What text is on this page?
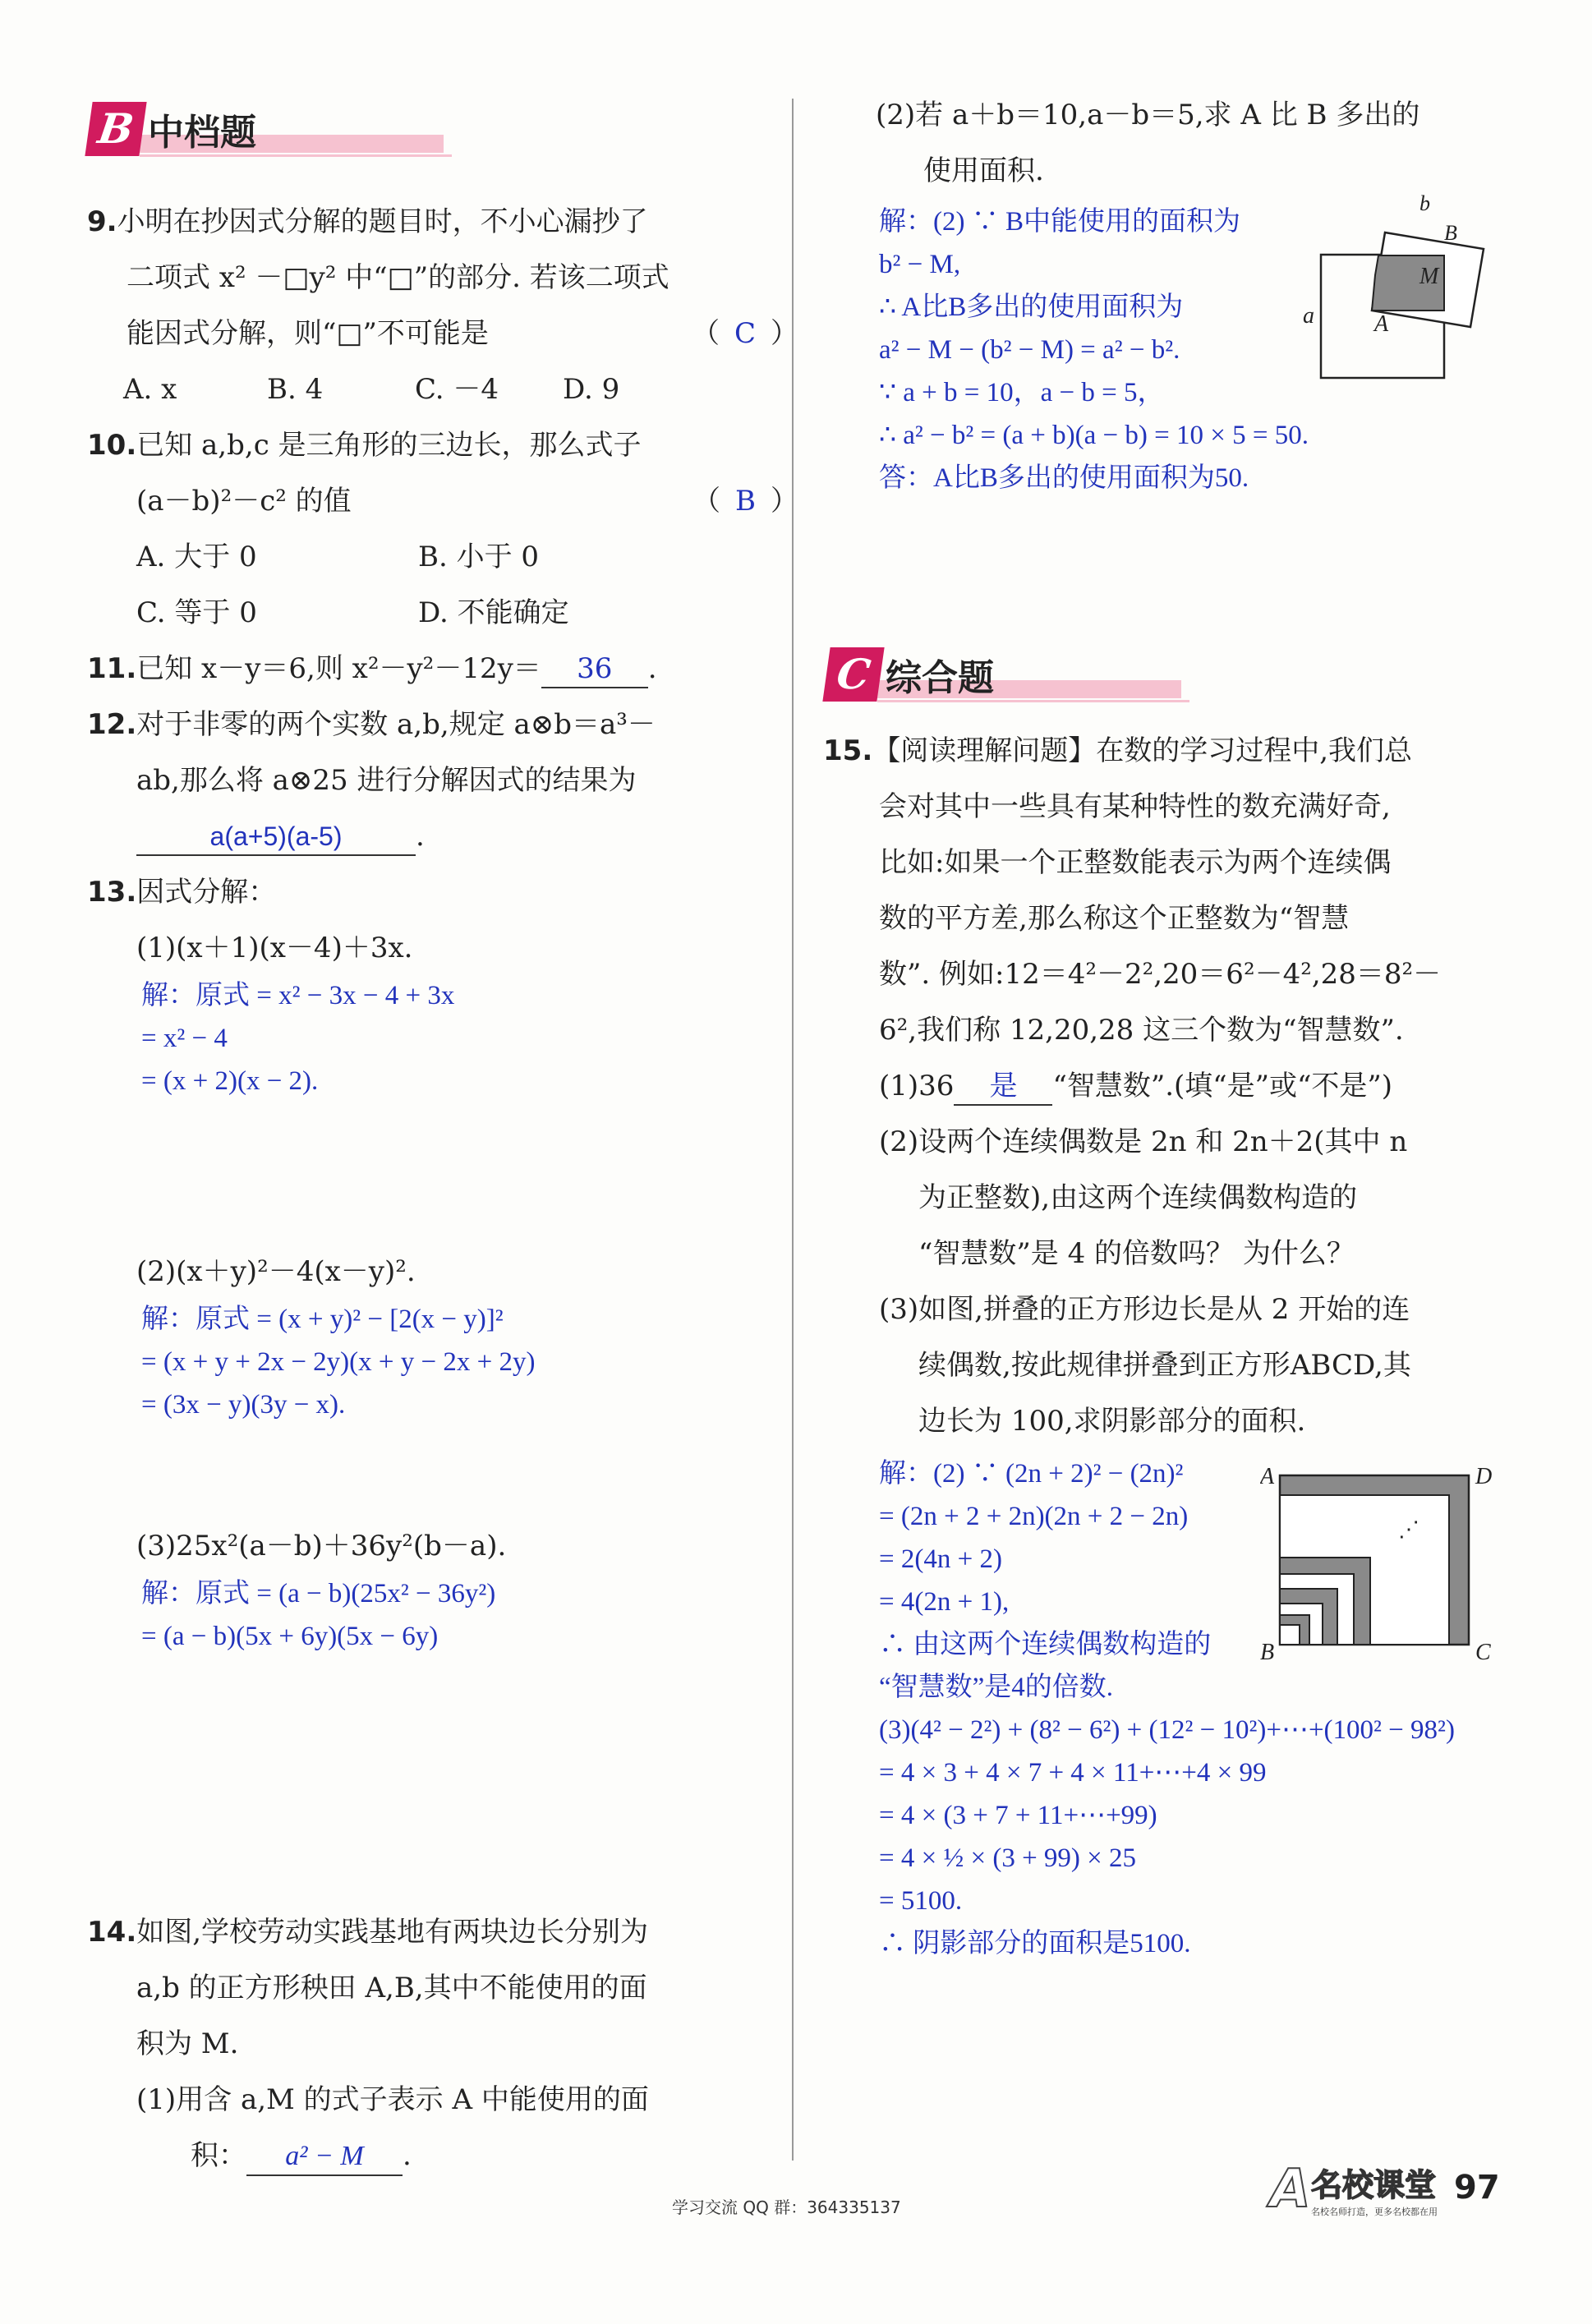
B 中档题
9.小明在抄因式分解的题目时，不小心漏抄了
二项式 x² －□y² 中“□”的部分. 若该二项式
能因式分解，则“□”不可能是	（ C ）
A. x	B. 4	C. －4 D. 9
10.已知 a,b,c 是三角形的三边长，那么式子
(a－b)²－c² 的值	（ B ）
A. 大于 0	B. 小于 0
C. 等于 0	D. 不能确定
11.已知 x－y＝6,则 x²－y²－12y＝ 36 .
12.对于非零的两个实数 a,b,规定 a⊗b＝a³－
ab,那么将 a⊗25 进行分解因式的结果为
a(a+5)(a-5)	.
13.因式分解：
(1)(x＋1)(x－4)＋3x.
解：原式 = x² − 3x − 4 + 3x
= x² − 4
= (x + 2)(x − 2).
(2)(x＋y)²－4(x－y)².
解：原式 = (x + y)² − [2(x − y)]²
= (x + y + 2x − 2y)(x + y − 2x + 2y)
= (3x − y)(3y − x).
(3)25x²(a－b)＋36y²(b－a).
解：原式 = (a − b)(25x² − 36y²)
= (a − b)(5x + 6y)(5x − 6y)
14.如图,学校劳动实践基地有两块边长分别为
a,b 的正方形秧田 A,B,其中不能使用的面
积为 M.
(1)用含 a,M 的式子表示 A 中能使用的面
积： a² − M .
(2)若 a＋b＝10,a－b＝5,求 A 比 B 多出的
使用面积.
解：(2) ∵ B中能使用的面积为
b² − M,
∴ A比B多出的使用面积为
a² − M − (b² − M) = a² − b².
∵ a + b = 10，a − b = 5，
∴ a² − b² = (a + b)(a − b) = 10 × 5 = 50.
答：A比B多出的使用面积为50.
a	A
b
B
M
C 综合题
15.【阅读理解问题】在数的学习过程中,我们总
会对其中一些具有某种特性的数充满好奇,
比如:如果一个正整数能表示为两个连续偶
数的平方差,那么称这个正整数为“智慧
数”. 例如:12＝4²－2²,20＝6²－4²,28＝8²－
6²,我们称 12,20,28 这三个数为“智慧数”.
(1)36 是 “智慧数”.(填“是”或“不是”)
(2)设两个连续偶数是 2n 和 2n＋2(其中 n
为正整数),由这两个连续偶数构造的
“智慧数”是 4 的倍数吗？ 为什么？
(3)如图,拼叠的正方形边长是从 2 开始的连
续偶数,按此规律拼叠到正方形ABCD,其
边长为 100,求阴影部分的面积.
解：(2) ∵ (2n + 2)² − (2n)²
= (2n + 2 + 2n)(2n + 2 − 2n)
= 2(4n + 2)
= 4(2n + 1),
∴ 由这两个连续偶数构造的
“智慧数”是4的倍数.
(3)(4² − 2²) + (8² − 6²) + (12² − 10²)+⋯+(100² − 98²)
= 4 × 3 + 4 × 7 + 4 × 11+⋯+4 × 99
= 4 × (3 + 7 + 11+⋯+99)
= 4 × ½ × (3 + 99) × 25
= 5100.
∴ 阴影部分的面积是5100.
⋰
A	D
B	C
学习交流 QQ 群：364335137	A 名校课堂
名校名师打造，更多名校都在用
97
